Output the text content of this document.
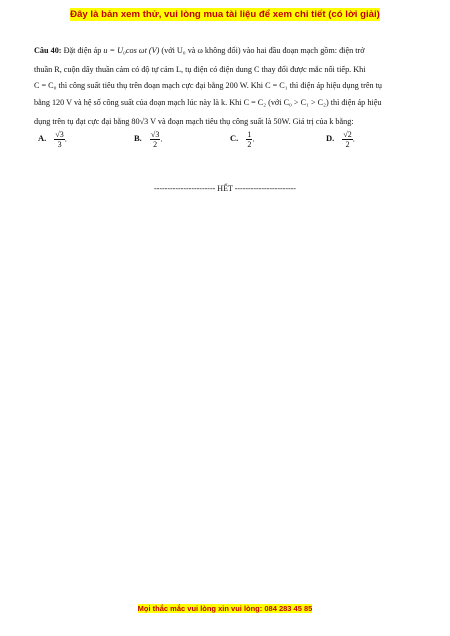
Đây là bản xem thử, vui lòng mua tài liệu để xem chi tiết (có lời giải)
Câu 40: Đặt điện áp u = U₀cos ωt (V) (với U₀ và ω không đổi) vào hai đầu đoạn mạch gồm: điện trở
thuần R, cuộn dây thuần cảm có độ tự cảm L, tụ điện có điện dung C thay đổi được mắc nối tiếp. Khi
C = C₀ thì công suất tiêu thụ trên đoạn mạch cực đại bằng 200 W. Khi C = C₁ thì điện áp hiệu dụng trên tụ
bằng 120 V và hệ số công suất của đoạn mạch lúc này là k. Khi C = C₂ (với C₀ > C₁ > C₂) thì điện áp hiệu
dụng trên tụ đạt cực đại bằng 80√3 V và đoạn mạch tiêu thụ công suất là 50W. Giá trị của k bằng:
A. $\frac{√3}{3}$ .	B. $\frac{√3}{2}$ .	C. $\frac{1}{2}$ .	D. $\frac{√2}{2}$ .
----------------------- HẾT -----------------------
Mọi thắc mắc vui lòng xin vui lòng: 084 283 45 85
